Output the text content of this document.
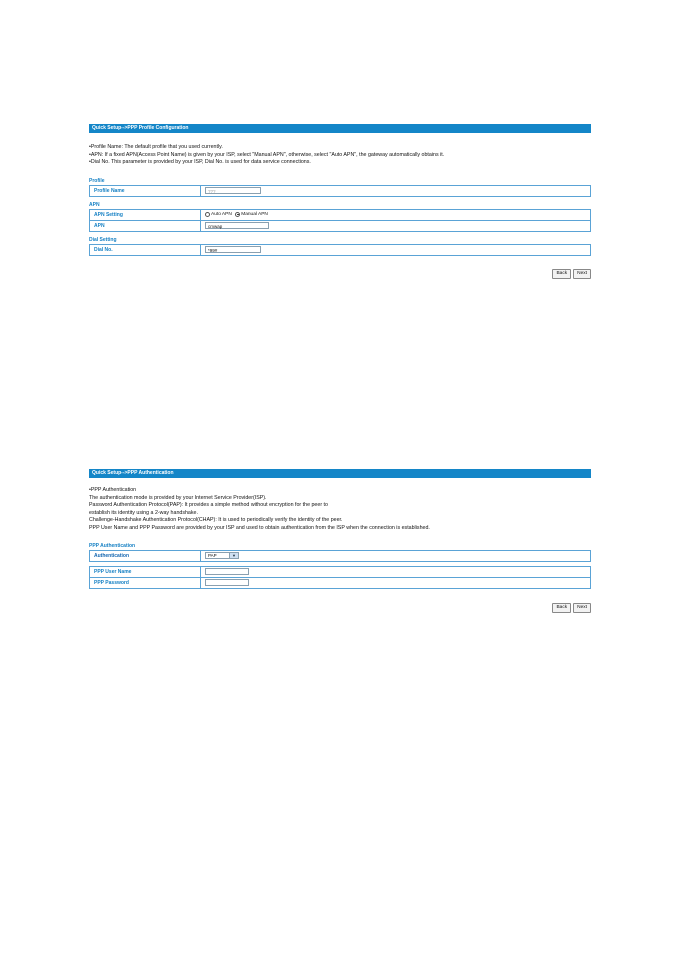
Quick Setup-->PPP Profile Configuration
•Profile Name: The default profile that you used currently.
•APN: If a fixed APN(Access Point Name) is given by your ISP, select "Manual APN", otherwise, select "Auto APN", the gateway automatically obtains it.
•Dial No. This parameter is provided by your ISP, Dial No. is used for data service connections.
Profile
Profile Name	???
APN
APN Setting	Auto APN Manual APN
APN	cmwap
Dial Setting
Dial No.	*99#
Back Next
Quick Setup-->PPP Authentication
•PPP Authentication
The authentication mode is provided by your Internet Service Provider(ISP).
Password Authentication Protocol(PAP): It provides a simple method without encryption for the peer to
establish its identity using a 2-way handshake.
Challenge-Handshake Authentication Protocol(CHAP): It is used to periodically verify the identity of the peer.
PPP User Name and PPP Password are provided by your ISP and used to obtain authentication from the ISP when the connection is established.
PPP Authentication
Authentication	PAP	▼
PPP User Name	
PPP Password	
Back Next
